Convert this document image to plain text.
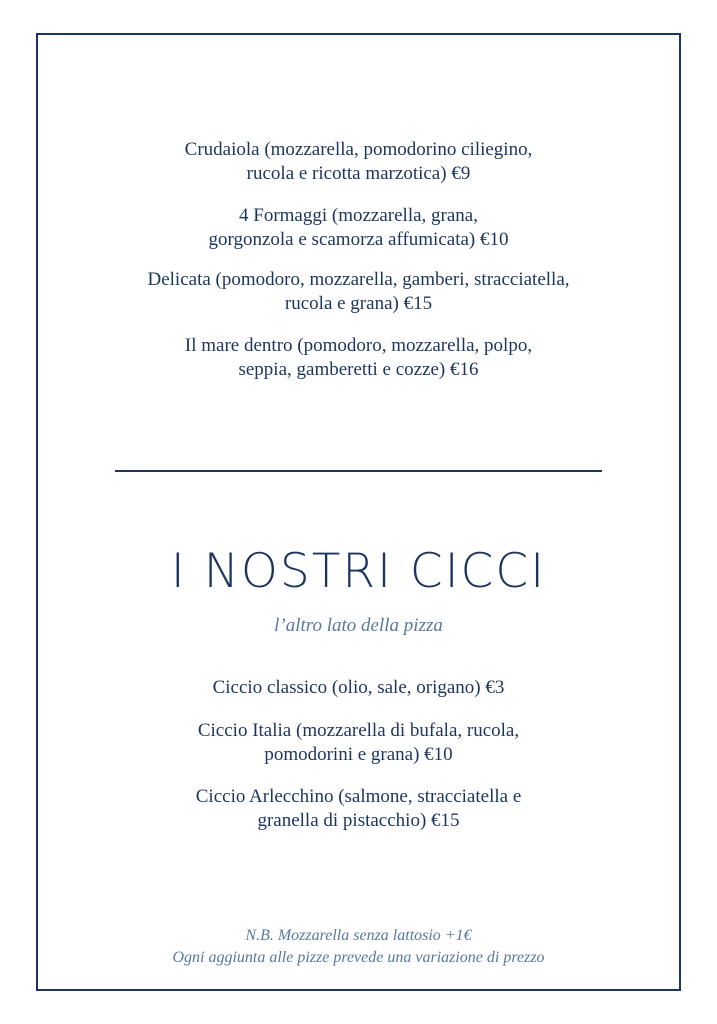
Crudaiola (mozzarella, pomodorino ciliegino,
rucola e ricotta marzotica) €9
4 Formaggi (mozzarella, grana,
gorgonzola e scamorza affumicata) €10
Delicata (pomodoro, mozzarella, gamberi, stracciatella,
rucola e grana) €15
Il mare dentro (pomodoro, mozzarella, polpo,
seppia, gamberetti e cozze) €16
I NOSTRI CICCI
l’altro lato della pizza
Ciccio classico (olio, sale, origano) €3
Ciccio Italia (mozzarella di bufala, rucola,
pomodorini e grana) €10
Ciccio Arlecchino (salmone, stracciatella e
granella di pistacchio) €15
N.B. Mozzarella senza lattosio +1€
Ogni aggiunta alle pizze prevede una variazione di prezzo
